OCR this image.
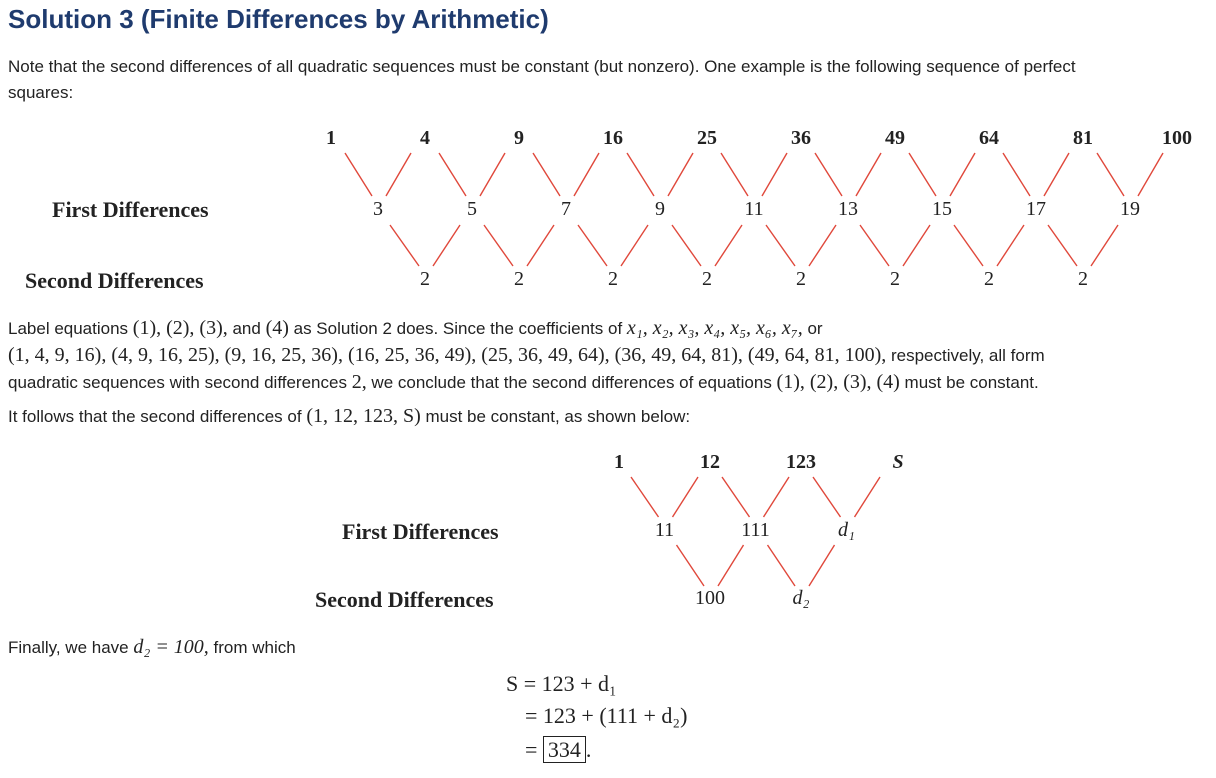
Solution 3 (Finite Differences by Arithmetic)
Note that the second differences of all quadratic sequences must be constant (but nonzero). One example is the following sequence of perfect
squares:
First Differences
Second Differences
1	4	9	16	25	36	49	64	81	100
3	5	7	9	11	13	15	17	19
2	2	2	2	2	2	2	2
Label equations (1), (2), (3), and (4) as Solution 2 does. Since the coefficients of x₁, x₂, x₃, x₄, x₅, x₆, x₇, or
(1, 4, 9, 16), (4, 9, 16, 25), (9, 16, 25, 36), (16, 25, 36, 49), (25, 36, 49, 64), (36, 49, 64, 81), (49, 64, 81, 100), respectively, all form
quadratic sequences with second differences 2, we conclude that the second differences of equations (1), (2), (3), (4) must be constant.
It follows that the second differences of (1, 12, 123, S) must be constant, as shown below:
First Differences
Second Differences
1	12	123	S
11	111	d₁
100	d₂
Finally, we have d₂ = 100, from which
S = 123 + d₁
= 123 + (111 + d₂)
= 334 .
